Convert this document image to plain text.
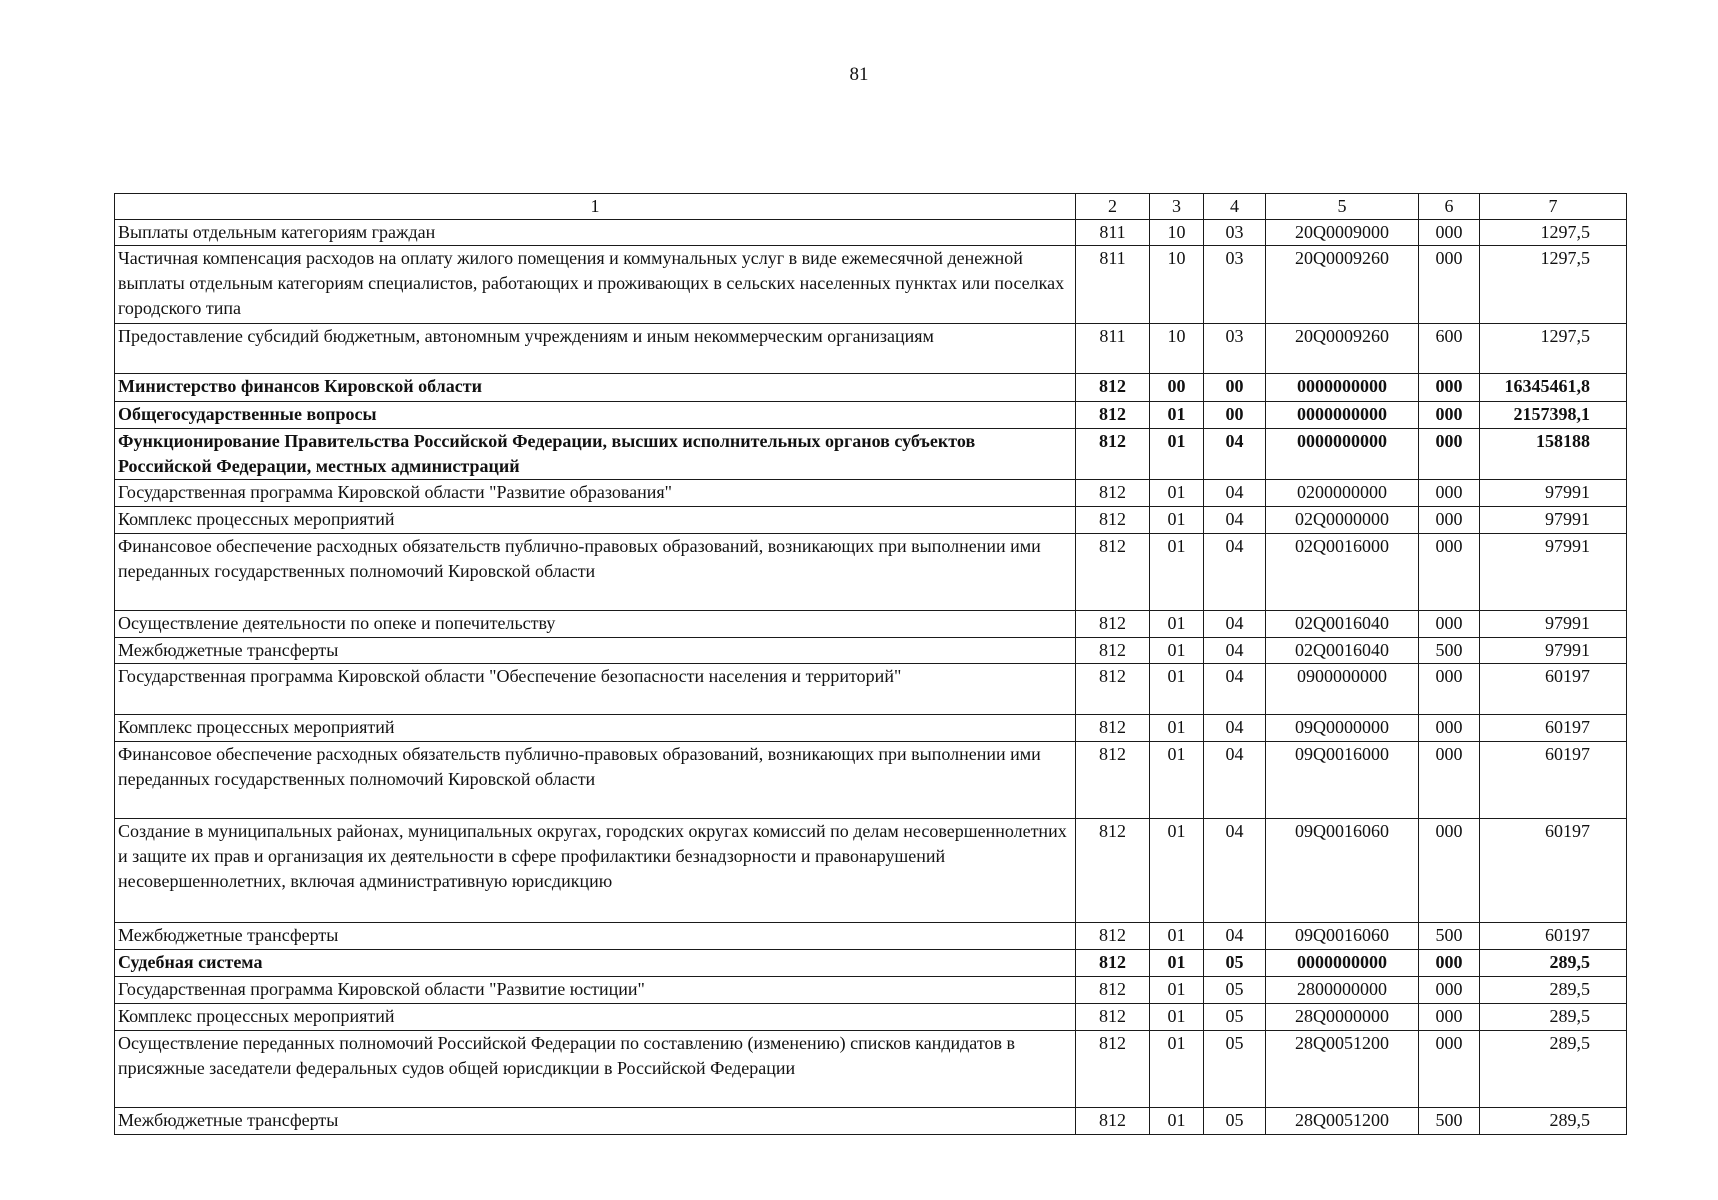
81
1	2	3	4	5	6	7
Выплаты отдельным категориям граждан	811	10	03	20Q0009000	000	1297,5
Частичная компенсация расходов на оплату жилого помещения и коммунальных услуг в виде ежемесячной денежной выплаты отдельным категориям специалистов, работающих и проживающих в сельских населенных пунктах или поселках городского типа	811	10	03	20Q0009260	000	1297,5
Предоставление субсидий бюджетным, автономным учреждениям и иным некоммерческим организациям	811	10	03	20Q0009260	600	1297,5
Министерство финансов Кировской области	812	00	00	0000000000	000	16345461,8
Общегосударственные вопросы	812	01	00	0000000000	000	2157398,1
Функционирование Правительства Российской Федерации, высших исполнительных органов субъектов Российской Федерации, местных администраций	812	01	04	0000000000	000	158188
Государственная программа Кировской области "Развитие образования"	812	01	04	0200000000	000	97991
Комплекс процессных мероприятий	812	01	04	02Q0000000	000	97991
Финансовое обеспечение расходных обязательств публично-правовых образований, возникающих при выполнении ими переданных государственных полномочий Кировской области	812	01	04	02Q0016000	000	97991
Осуществление деятельности по опеке и попечительству	812	01	04	02Q0016040	000	97991
Межбюджетные трансферты	812	01	04	02Q0016040	500	97991
Государственная программа Кировской области "Обеспечение безопасности населения и территорий"	812	01	04	0900000000	000	60197
Комплекс процессных мероприятий	812	01	04	09Q0000000	000	60197
Финансовое обеспечение расходных обязательств публично-правовых образований, возникающих при выполнении ими переданных государственных полномочий Кировской области	812	01	04	09Q0016000	000	60197
Создание в муниципальных районах, муниципальных округах, городских округах комиссий по делам несовершеннолетних и защите их прав и организация их деятельности в сфере профилактики безнадзорности и правонарушений несовершеннолетних, включая административную юрисдикцию	812	01	04	09Q0016060	000	60197
Межбюджетные трансферты	812	01	04	09Q0016060	500	60197
Судебная система	812	01	05	0000000000	000	289,5
Государственная программа Кировской области "Развитие юстиции"	812	01	05	2800000000	000	289,5
Комплекс процессных мероприятий	812	01	05	28Q0000000	000	289,5
Осуществление переданных полномочий Российской Федерации по составлению (изменению) списков кандидатов в присяжные заседатели федеральных судов общей юрисдикции в Российской Федерации	812	01	05	28Q0051200	000	289,5
Межбюджетные трансферты	812	01	05	28Q0051200	500	289,5
